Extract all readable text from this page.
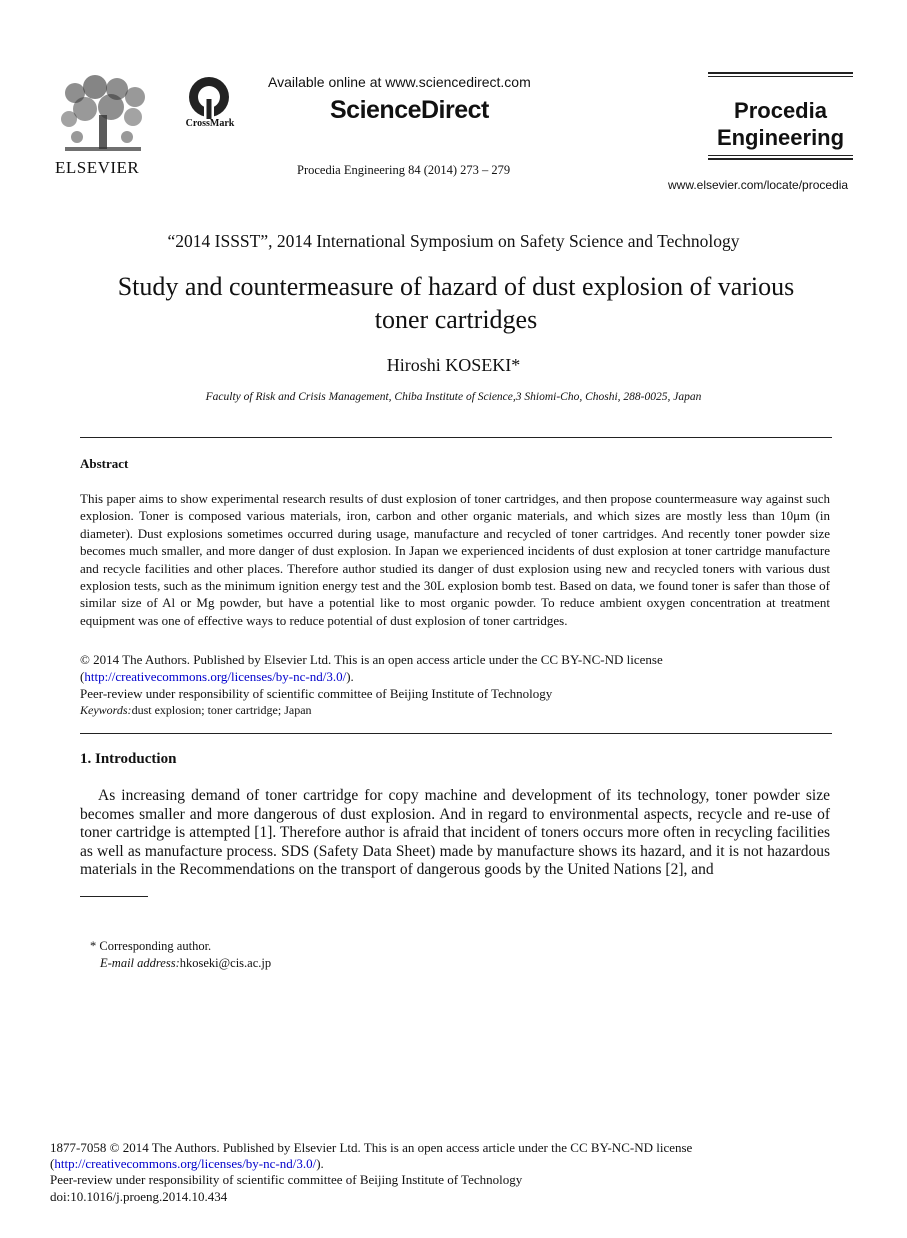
ELSEVIER
CrossMark
Available online at www.sciencedirect.com
ScienceDirect
Procedia Engineering 84 (2014) 273 – 279
Procedia
Engineering
www.elsevier.com/locate/procedia
“2014 ISSST”, 2014 International Symposium on Safety Science and Technology
Study and countermeasure of hazard of dust explosion of various
toner cartridges
Hiroshi KOSEKI*
Faculty of Risk and Crisis Management, Chiba Institute of Science,3 Shiomi-Cho, Choshi, 288-0025, Japan
Abstract
This paper aims to show experimental research results of dust explosion of toner cartridges, and then propose countermeasure way against such explosion. Toner is composed various materials, iron, carbon and other organic materials, and which sizes are mostly less than 10μm (in diameter). Dust explosions sometimes occurred during usage, manufacture and recycled of toner cartridges. And recently toner powder size becomes much smaller, and more danger of dust explosion. In Japan we experienced incidents of dust explosion at toner cartridge manufacture and recycle facilities and other places. Therefore author studied its danger of dust explosion using new and recycled toners with various dust explosion tests, such as the minimum ignition energy test and the 30L explosion bomb test. Based on data, we found toner is safer than those of similar size of Al or Mg powder, but have a potential like to most organic powder. To reduce ambient oxygen concentration at treatment equipment was one of effective ways to reduce potential of dust explosion of toner cartridges.
© 2014 The Authors. Published by Elsevier Ltd. This is an open access article under the CC BY-NC-ND license
(http://creativecommons.org/licenses/by-nc-nd/3.0/).
Peer-review under responsibility of scientific committee of Beijing Institute of Technology
Keywords:dust explosion; toner cartridge; Japan
1. Introduction
As increasing demand of toner cartridge for copy machine and development of its technology, toner powder size becomes smaller and more dangerous of dust explosion. And in regard to environmental aspects, recycle and re-use of toner cartridge is attempted [1]. Therefore author is afraid that incident of toners occurs more often in recycling facilities as well as manufacture process. SDS (Safety Data Sheet) made by manufacture shows its hazard, and it is not hazardous materials in the Recommendations on the transport of dangerous goods by the United Nations [2], and
* Corresponding author.
E-mail address:hkoseki@cis.ac.jp
1877-7058 © 2014 The Authors. Published by Elsevier Ltd. This is an open access article under the CC BY-NC-ND license
(http://creativecommons.org/licenses/by-nc-nd/3.0/).
Peer-review under responsibility of scientific committee of Beijing Institute of Technology
doi:10.1016/j.proeng.2014.10.434
